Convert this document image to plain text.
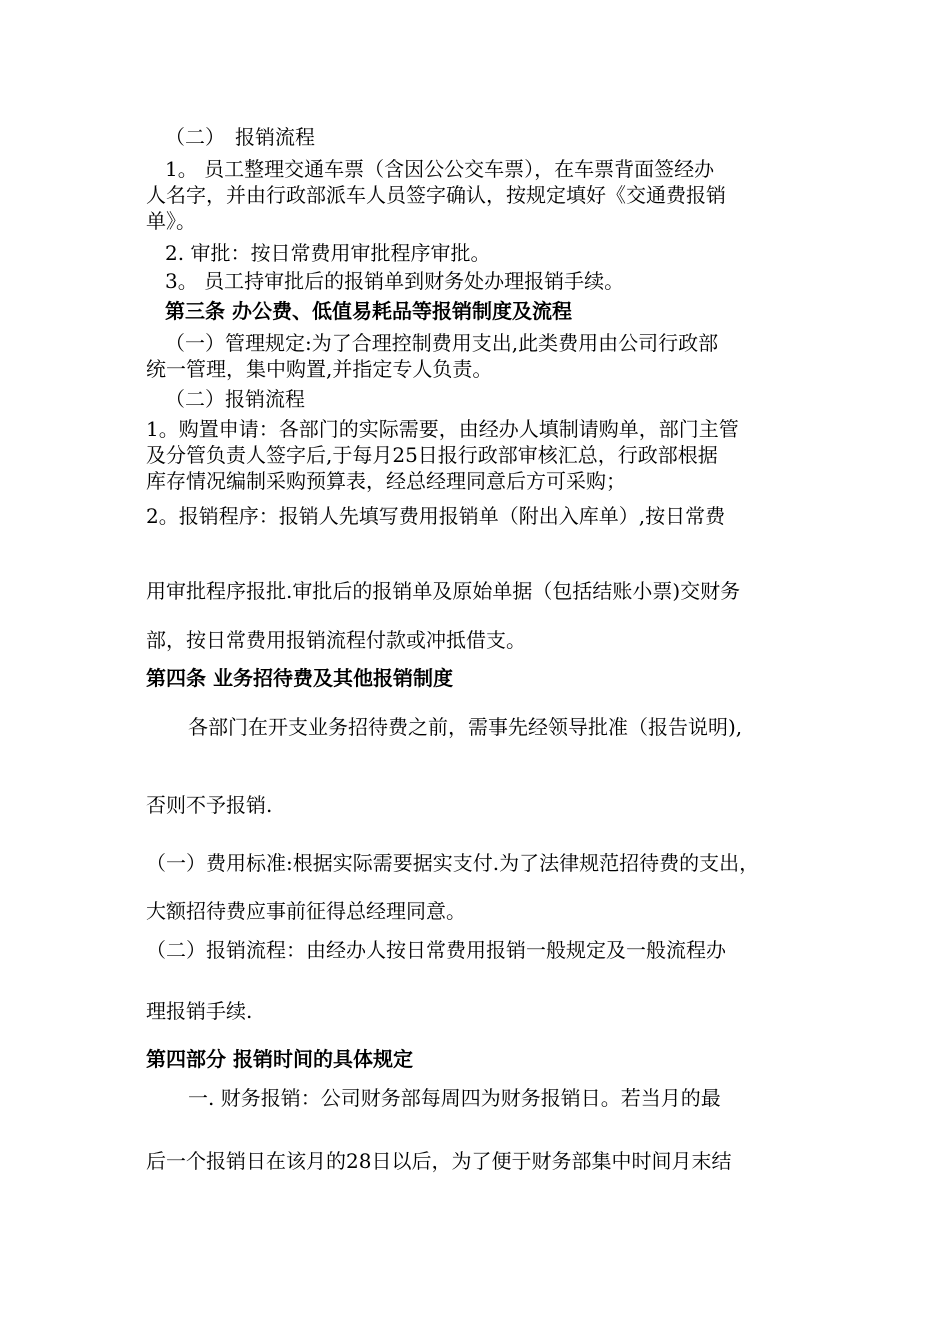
（二）　报销流程
1。 员工整理交通车票（含因公公交车票），在车票背面签经办
人名字，并由行政部派车人员签字确认，按规定填好《交通费报销
单》。
2. 审批：按日常费用审批程序审批。
3。 员工持审批后的报销单到财务处办理报销手续。
第三条 办公费、低值易耗品等报销制度及流程
（一）管理规定:为了合理控制费用支出,此类费用由公司行政部
统一管理，集中购置,并指定专人负责。
（二）报销流程
1。购置申请：各部门的实际需要，由经办人填制请购单，部门主管
及分管负责人签字后,于每月25日报行政部审核汇总，行政部根据
库存情况编制采购预算表，经总经理同意后方可采购；
2。报销程序：报销人先填写费用报销单（附出入库单）,按日常费
用审批程序报批.审批后的报销单及原始单据（包括结账小票)交财务
部，按日常费用报销流程付款或冲抵借支。
第四条 业务招待费及其他报销制度
各部门在开支业务招待费之前，需事先经领导批准（报告说明),
否则不予报销.
（一）费用标准:根据实际需要据实支付.为了法律规范招待费的支出，
大额招待费应事前征得总经理同意。
（二）报销流程：由经办人按日常费用报销一般规定及一般流程办
理报销手续.
第四部分 报销时间的具体规定
一. 财务报销：公司财务部每周四为财务报销日。若当月的最
后一个报销日在该月的28日以后，为了便于财务部集中时间月末结
